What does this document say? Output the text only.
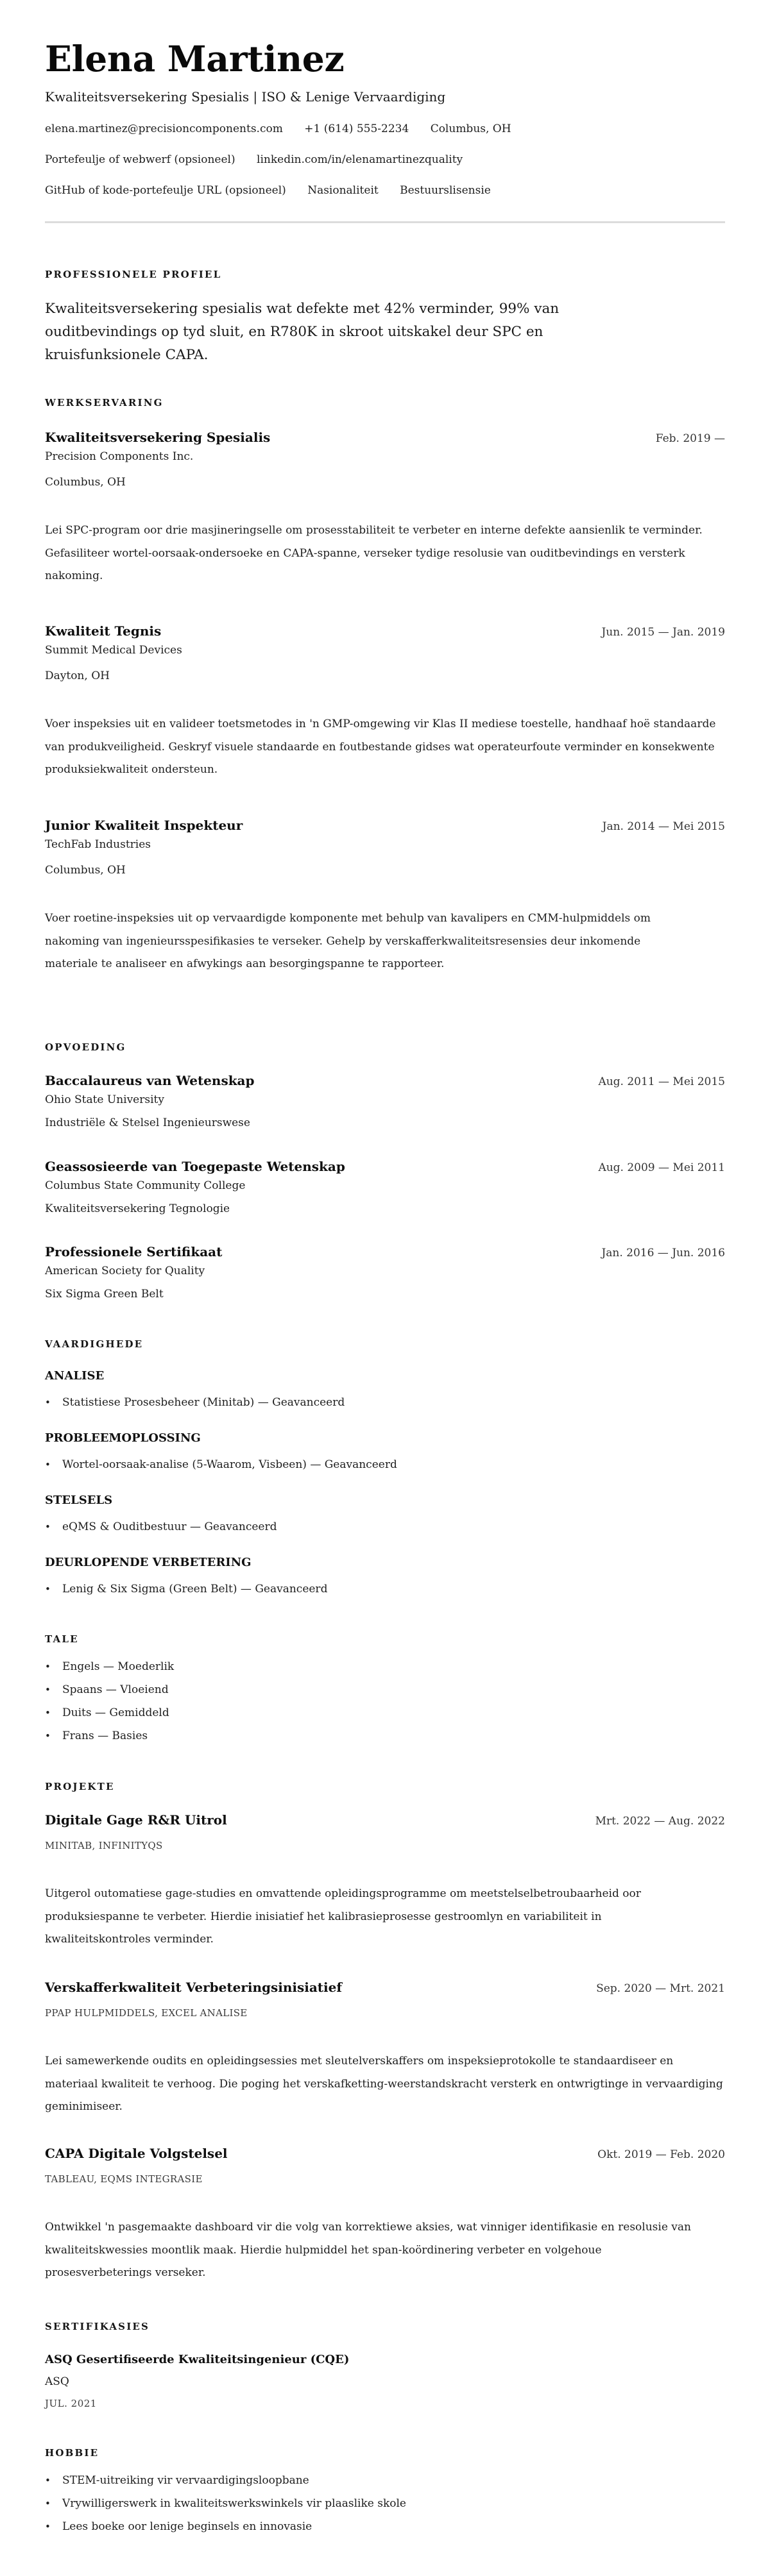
Elena Martinez
Kwaliteitsversekering Spesialis | ISO & Lenige Vervaardiging
elena.martinez@precisioncomponents.com +1 (614) 555-2234 Columbus, OH
Portefeulje of webwerf (opsioneel) linkedin.com/in/elenamartinezquality
GitHub of kode-portefeulje URL (opsioneel) Nasionaliteit Bestuurslisensie
PROFESSIONELE PROFIEL
Kwaliteitsversekering spesialis wat defekte met 42% verminder, 99% van ouditbevindings op tyd sluit, en R780K in skroot uitskakel deur SPC en kruisfunksionele CAPA.
WERKSERVARING
Kwaliteitsversekering Spesialis	Feb. 2019 —
Precision Components Inc.
Columbus, OH
Lei SPC-program oor drie masjineringselle om prosesstabiliteit te verbeter en interne defekte aansienlik te verminder. Gefasiliteer wortel-oorsaak-ondersoeke en CAPA-spanne, verseker tydige resolusie van ouditbevindings en versterk nakoming.
Kwaliteit Tegnis	Jun. 2015 — Jan. 2019
Summit Medical Devices
Dayton, OH
Voer inspeksies uit en valideer toetsmetodes in 'n GMP-omgewing vir Klas II mediese toestelle, handhaaf hoë standaarde van produkveiligheid. Geskryf visuele standaarde en foutbestande gidses wat operateurfoute verminder en konsekwente produksiekwaliteit ondersteun.
Junior Kwaliteit Inspekteur	Jan. 2014 — Mei 2015
TechFab Industries
Columbus, OH
Voer roetine-inspeksies uit op vervaardigde komponente met behulp van kavalipers en CMM-hulpmiddels om nakoming van ingenieursspesifikasies te verseker. Gehelp by verskafferkwaliteitsresensies deur inkomende materiale te analiseer en afwykings aan besorgingspanne te rapporteer.
OPVOEDING
Baccalaureus van Wetenskap	Aug. 2011 — Mei 2015
Ohio State University
Industriële & Stelsel Ingenieurswese
Geassosieerde van Toegepaste Wetenskap	Aug. 2009 — Mei 2011
Columbus State Community College
Kwaliteitsversekering Tegnologie
Professionele Sertifikaat	Jan. 2016 — Jun. 2016
American Society for Quality
Six Sigma Green Belt
VAARDIGHEDE
ANALISE
• Statistiese Prosesbeheer (Minitab) — Geavanceerd
PROBLEEMOPLOSSING
• Wortel-oorsaak-analise (5-Waarom, Visbeen) — Geavanceerd
STELSELS
• eQMS & Ouditbestuur — Geavanceerd
DEURLOPENDE VERBETERING
• Lenig & Six Sigma (Green Belt) — Geavanceerd
TALE
• Engels — Moederlik
• Spaans — Vloeiend
• Duits — Gemiddeld
• Frans — Basies
PROJEKTE
Digitale Gage R&R Uitrol	Mrt. 2022 — Aug. 2022
MINITAB, INFINITYQS
Uitgerol outomatiese gage-studies en omvattende opleidingsprogramme om meetstelselbetroubaarheid oor produksiespanne te verbeter. Hierdie inisiatief het kalibrasieprosesse gestroomlyn en variabiliteit in kwaliteitskontroles verminder.
Verskafferkwaliteit Verbeteringsinisiatief	Sep. 2020 — Mrt. 2021
PPAP HULPMIDDELS, EXCEL ANALISE
Lei samewerkende oudits en opleidingsessies met sleutelverskaffers om inspeksieprotokolle te standaardiseer en materiaal kwaliteit te verhoog. Die poging het verskafketting-weerstandskracht versterk en ontwrigtinge in vervaardiging geminimiseer.
CAPA Digitale Volgstelsel	Okt. 2019 — Feb. 2020
TABLEAU, EQMS INTEGRASIE
Ontwikkel 'n pasgemaakte dashboard vir die volg van korrektiewe aksies, wat vinniger identifikasie en resolusie van kwaliteitskwessies moontlik maak. Hierdie hulpmiddel het span-koördinering verbeter en volgehoue prosesverbeterings verseker.
SERTIFIKASIES
ASQ Gesertifiseerde Kwaliteitsingenieur (CQE)
ASQ
JUL. 2021
HOBBIE
• STEM-uitreiking vir vervaardigingsloopbane
• Vrywilligerswerk in kwaliteitswerkswinkels vir plaaslike skole
• Lees boeke oor lenige beginsels en innovasie
